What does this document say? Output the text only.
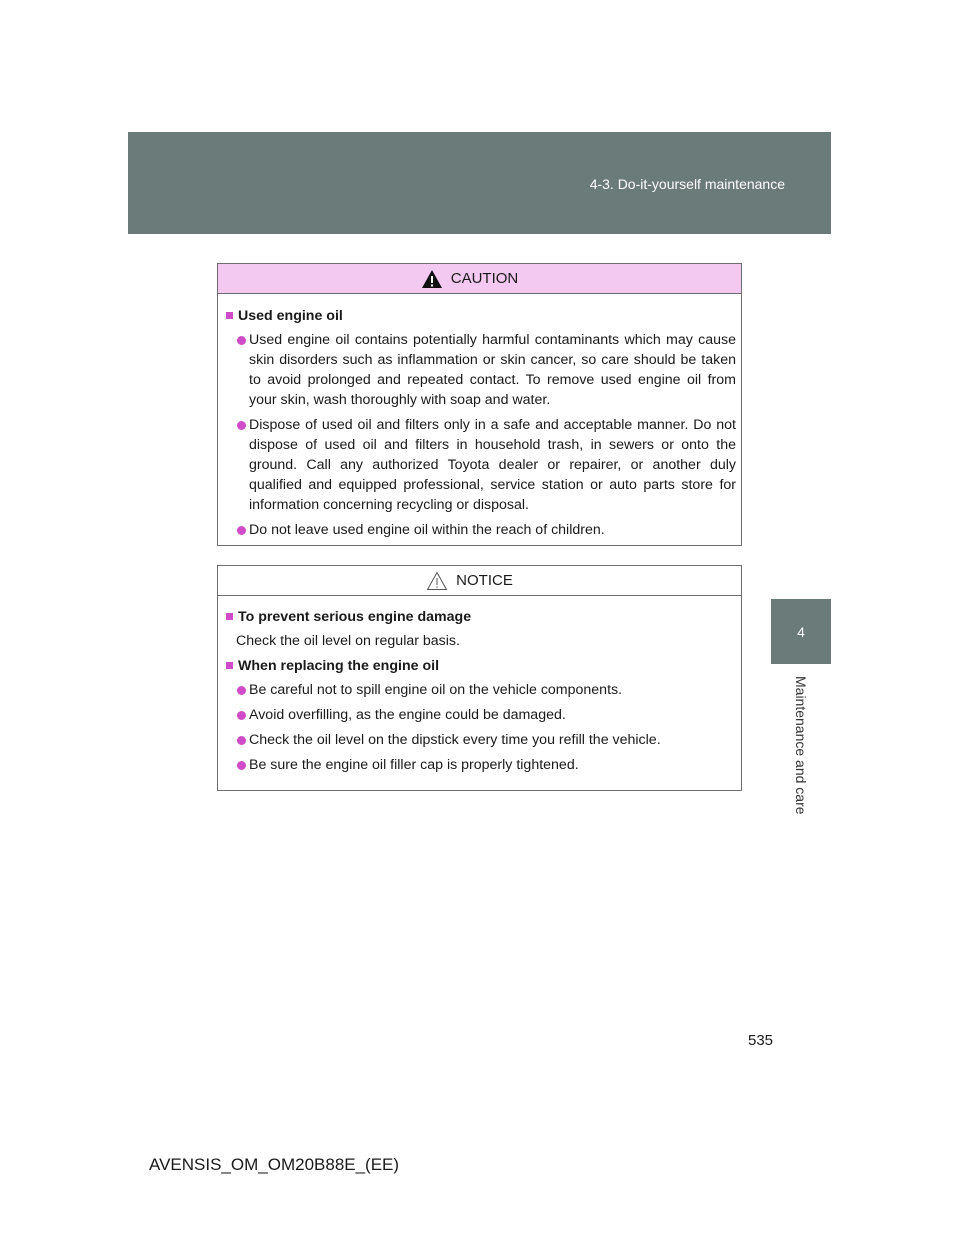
4-3. Do-it-yourself maintenance
4
Maintenance and care
CAUTION
Used engine oil
Used engine oil contains potentially harmful contaminants which may cause skin disorders such as inflammation or skin cancer, so care should be taken to avoid prolonged and repeated contact. To remove used engine oil from your skin, wash thoroughly with soap and water.
Dispose of used oil and filters only in a safe and acceptable manner. Do not dispose of used oil and filters in household trash, in sewers or onto the ground. Call any authorized Toyota dealer or repairer, or another duly qualified and equipped professional, service station or auto parts store for information concerning recycling or disposal.
Do not leave used engine oil within the reach of children.
NOTICE
To prevent serious engine damage
Check the oil level on regular basis.
When replacing the engine oil
Be careful not to spill engine oil on the vehicle components.
Avoid overfilling, as the engine could be damaged.
Check the oil level on the dipstick every time you refill the vehicle.
Be sure the engine oil filler cap is properly tightened.
535
AVENSIS_OM_OM20B88E_(EE)
